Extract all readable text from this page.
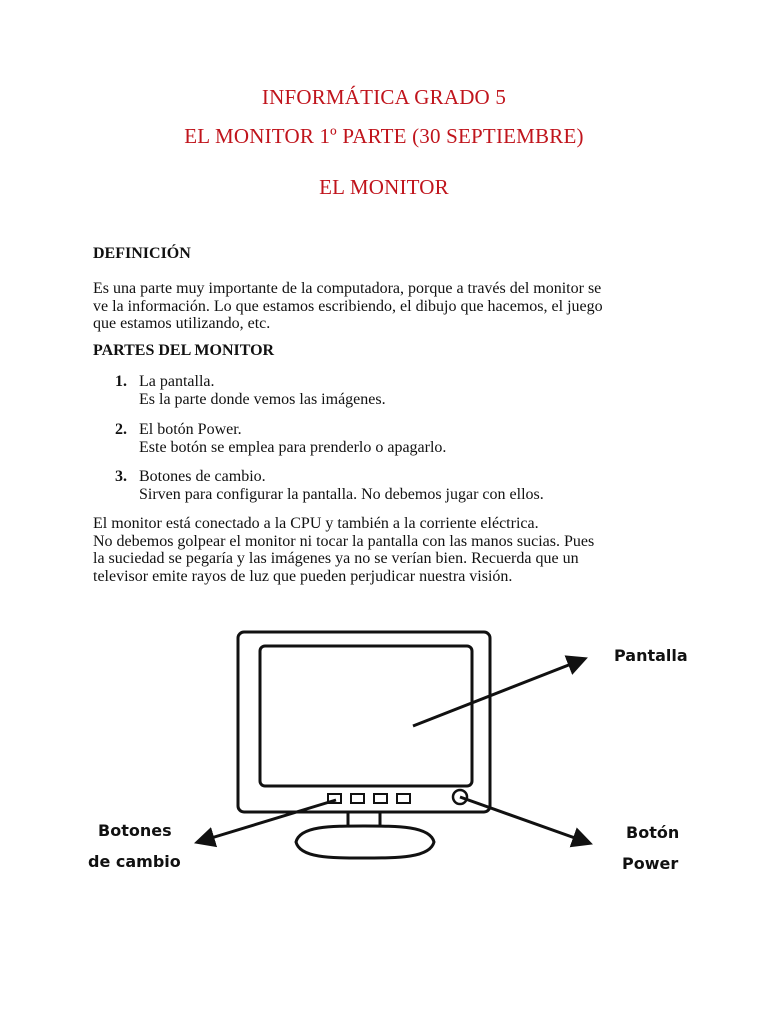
INFORMÁTICA GRADO 5
EL MONITOR 1º PARTE (30 SEPTIEMBRE)
EL MONITOR
DEFINICIÓN
Es una parte muy importante de la computadora, porque a través del monitor se
ve la información. Lo que estamos escribiendo, el dibujo que hacemos, el juego
que estamos utilizando, etc.
PARTES DEL MONITOR
1. La pantalla.
Es la parte donde vemos las imágenes.
2. El botón Power.
Este botón se emplea para prenderlo o apagarlo.
3. Botones de cambio.
Sirven para configurar la pantalla. No debemos jugar con ellos.
El monitor está conectado a la CPU y también a la corriente eléctrica.
No debemos golpear el monitor ni tocar la pantalla con las manos sucias. Pues
la suciedad se pegaría y las imágenes ya no se verían bien. Recuerda que un
televisor emite rayos de luz que pueden perjudicar nuestra visión.
Pantalla
Botones
de cambio
Botón
Power
